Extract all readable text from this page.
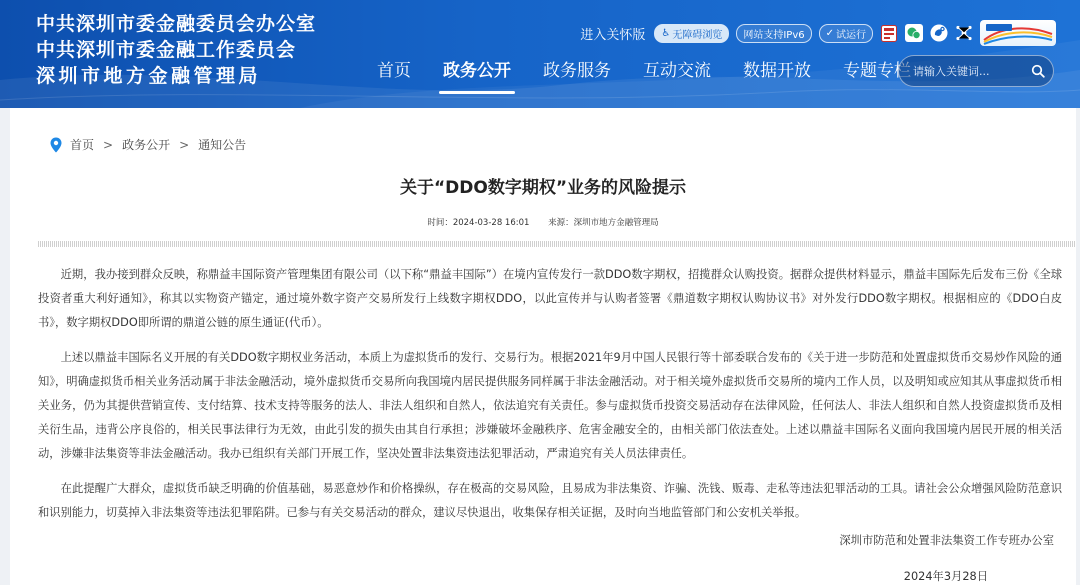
中共深圳市委金融委员会办公室
中共深圳市委金融工作委员会
深圳市地方金融管理局
进入关怀版 ♿ 无障碍浏览	网站支持IPv6	✓ 试运行
首页	政务公开	政务服务	互动交流	数据开放	专题专栏
请输入关键词...
首页 > 政务公开 > 通知公告
关于“DDO数字期权”业务的风险提示
时间：2024-03-28 16:01 来源：深圳市地方金融管理局

近期，我办接到群众反映，称鼎益丰国际资产管理集团有限公司（以下称“鼎益丰国际”）在境内宣传发行一款DDO数字期权，招揽群众认购投资。据群众提供材料显示，鼎益丰国际先后发布三份《全球投资者重大利好通知》，称其以实物资产锚定，通过境外数字资产交易所发行上线数字期权DDO，以此宣传并与认购者签署《鼎道数字期权认购协议书》对外发行DDO数字期权。根据相应的《DDO白皮书》，数字期权DDO即所谓的鼎道公链的原生通证(代币）。

上述以鼎益丰国际名义开展的有关DDO数字期权业务活动，本质上为虚拟货币的发行、交易行为。根据2021年9月中国人民银行等十部委联合发布的《关于进一步防范和处置虚拟货币交易炒作风险的通知》，明确虚拟货币相关业务活动属于非法金融活动，境外虚拟货币交易所向我国境内居民提供服务同样属于非法金融活动。对于相关境外虚拟货币交易所的境内工作人员，以及明知或应知其从事虚拟货币相关业务，仍为其提供营销宣传、支付结算、技术支持等服务的法人、非法人组织和自然人，依法追究有关责任。参与虚拟货币投资交易活动存在法律风险，任何法人、非法人组织和自然人投资虚拟货币及相关衍生品，违背公序良俗的，相关民事法律行为无效，由此引发的损失由其自行承担；涉嫌破坏金融秩序、危害金融安全的，由相关部门依法查处。上述以鼎益丰国际名义面向我国境内居民开展的相关活动，涉嫌非法集资等非法金融活动。我办已组织有关部门开展工作，坚决处置非法集资违法犯罪活动，严肃追究有关人员法律责任。

在此提醒广大群众，虚拟货币缺乏明确的价值基础，易恶意炒作和价格操纵，存在极高的交易风险，且易成为非法集资、诈骗、洗钱、贩毒、走私等违法犯罪活动的工具。请社会公众增强风险防范意识和识别能力，切莫掉入非法集资等违法犯罪陷阱。已参与有关交易活动的群众，建议尽快退出，收集保存相关证据，及时向当地监管部门和公安机关举报。

深圳市防范和处置非法集资工作专班办公室
2024年3月28日
